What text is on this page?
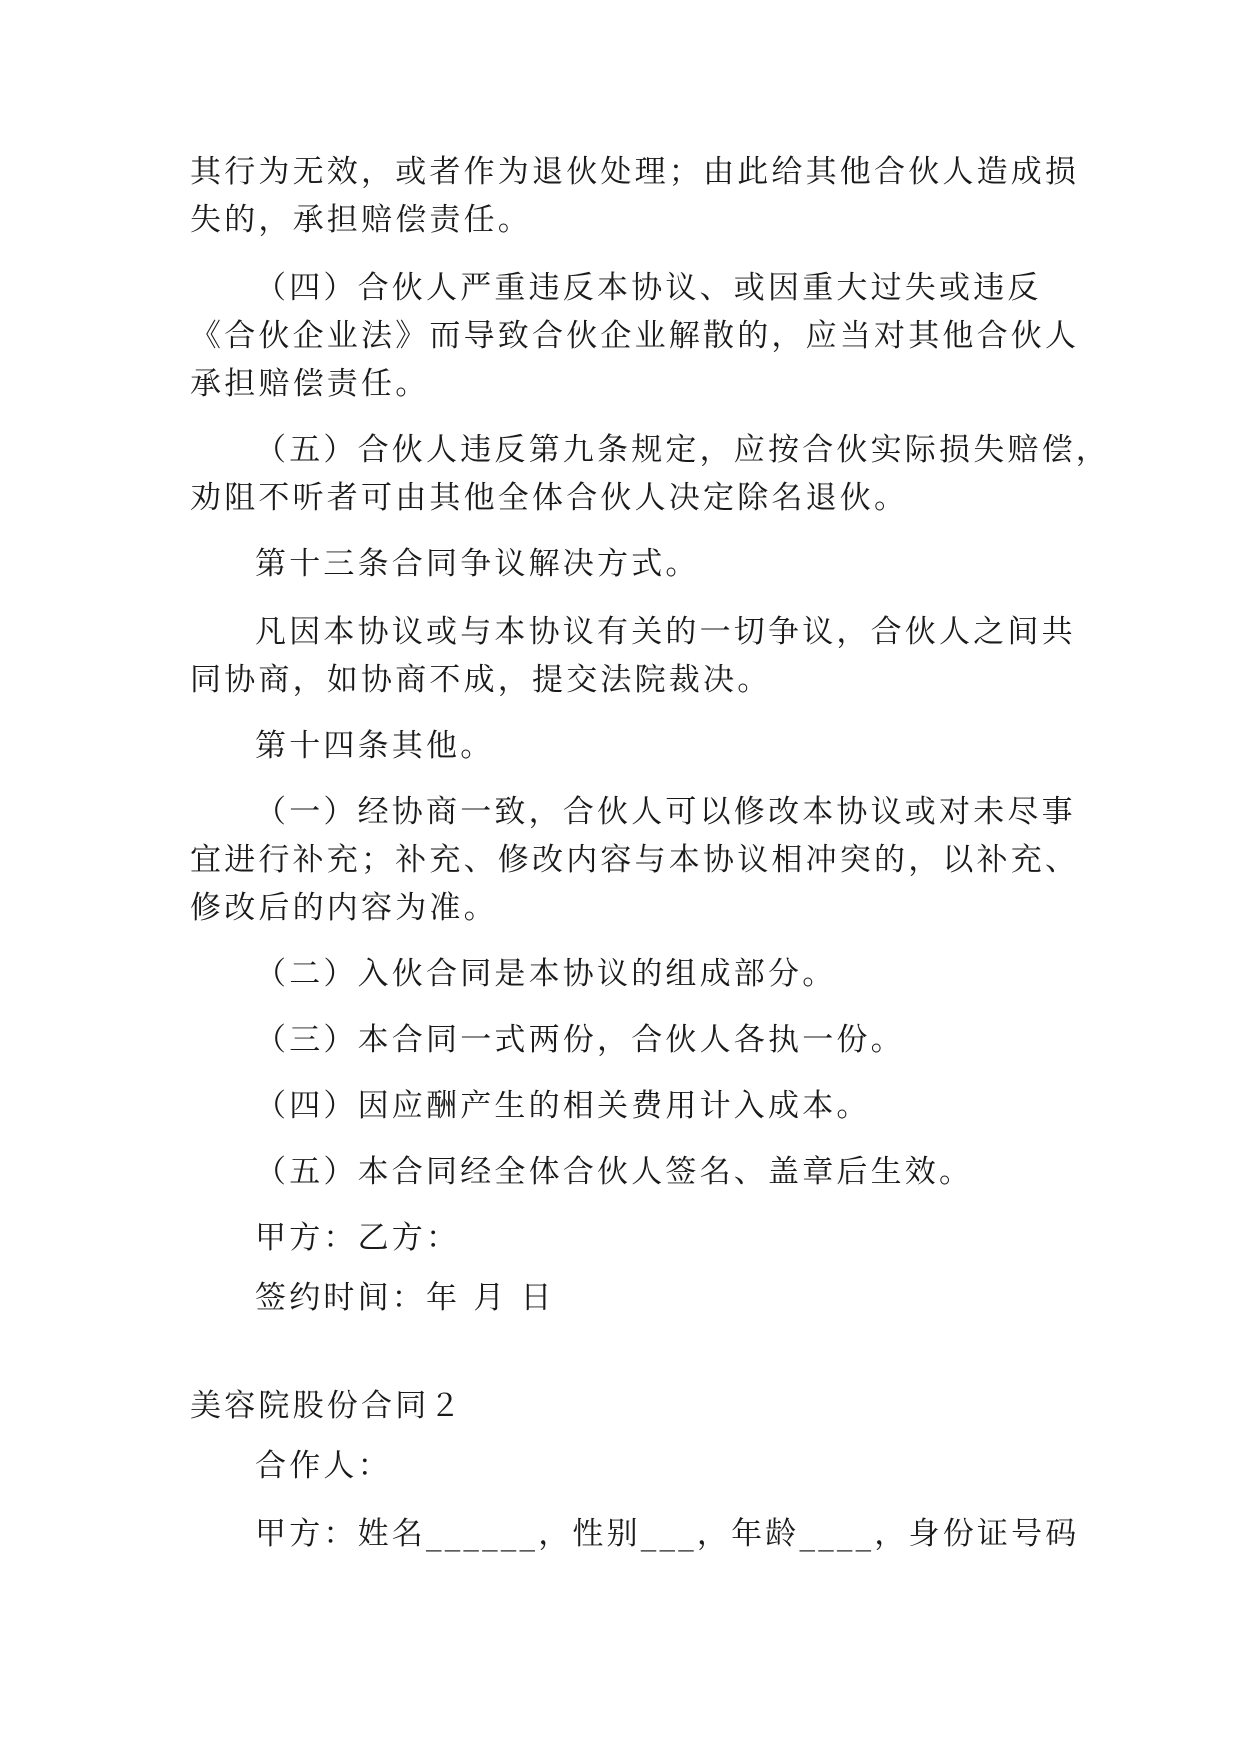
其行为无效，或者作为退伙处理；由此给其他合伙人造成损
失的，承担赔偿责任。
（四）合伙人严重违反本协议、或因重大过失或违反
《合伙企业法》而导致合伙企业解散的，应当对其他合伙人
承担赔偿责任。
（五）合伙人违反第九条规定，应按合伙实际损失赔偿，
劝阻不听者可由其他全体合伙人决定除名退伙。
第十三条合同争议解决方式。
凡因本协议或与本协议有关的一切争议，合伙人之间共
同协商，如协商不成，提交法院裁决。
第十四条其他。
（一）经协商一致，合伙人可以修改本协议或对未尽事
宜进行补充；补充、修改内容与本协议相冲突的，以补充、
修改后的内容为准。
（二）入伙合同是本协议的组成部分。
（三）本合同一式两份，合伙人各执一份。
（四）因应酬产生的相关费用计入成本。
（五）本合同经全体合伙人签名、盖章后生效。
甲方：乙方：
签约时间：年 月 日
美容院股份合同２
合作人：
甲方：姓名______，性别___，年龄____，身份证号码
